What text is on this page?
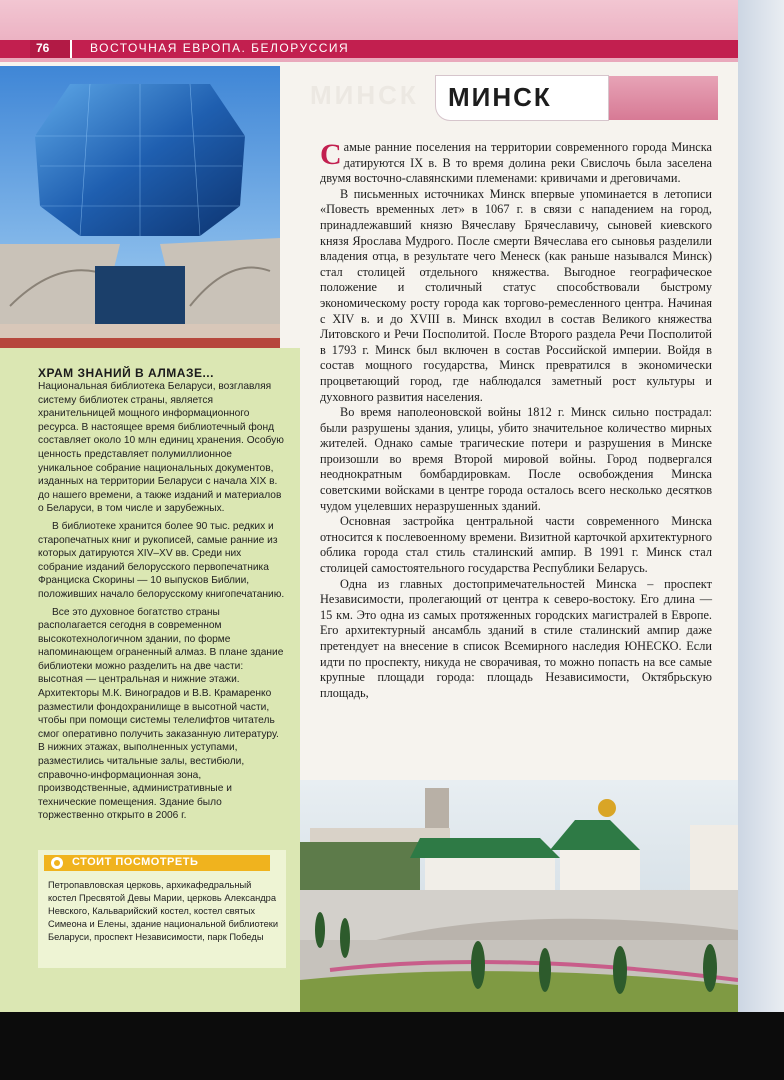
76	ВОСТОЧНАЯ ЕВРОПА. БЕЛОРУССИЯ
ХРАМ ЗНАНИЙ В АЛМАЗЕ...

Национальная библиотека Беларуси, возглавляя систему библиотек страны, является хранительницей мощного информационного ресурса. В настоящее время библиотечный фонд составляет около 10 млн единиц хранения. Особую ценность представляет полумиллионное уникальное собрание национальных документов, изданных на территории Беларуси с начала XIX в. до нашего времени, а также изданий и материалов о Беларуси, в том числе и зарубежных.

В библиотеке хранится более 90 тыс. редких и старопечатных книг и рукописей, самые ранние из которых датируются XIV–XV вв. Среди них собрание изданий белорусского первопечатника Франциска Скорины — 10 выпусков Библии, положивших начало белорусскому книгопечатанию.

Все это духовное богатство страны располагается сегодня в современном высокотехнологичном здании, по форме напоминающем ограненный алмаз. В плане здание библиотеки можно разделить на две части: высотная — центральная и нижние этажи. Архитекторы М.К. Виноградов и В.В. Крамаренко разместили фондохранилище в высотной части, чтобы при помощи системы телелифтов читатель смог оперативно получить заказанную литературу. В нижних этажах, выполненных уступами, разместились читальные залы, вестибюли, справочно-информационная зона, производственные, административные и технические помещения. Здание было торжественно открыто в 2006 г.

СТОИТ ПОСМОТРЕТЬ
Петропавловская церковь, архикафедральный костел Пресвятой Девы Марии, церковь Александра Невского, Кальварийский костел, костел святых Симеона и Елены, здание национальной библиотеки Беларуси, проспект Независимости, парк Победы
МИНСК МИНСК

Самые ранние поселения на территории современного города Минска датируются IX в. В то время долина реки Свислочь была заселена двумя восточно-славянскими племенами: кривичами и дреговичами.

В письменных источниках Минск впервые упоминается в летописи «Повесть временных лет» в 1067 г. в связи с нападением на город, принадлежавший князю Вячеславу Брячеславичу, сыновей киевского князя Ярослава Мудрого. После смерти Вячеслава его сыновья разделили владения отца, в результате чего Менеск (как раньше назывался Минск) стал столицей отдельного княжества. Выгодное географическое положение и столичный статус способствовали быстрому экономическому росту города как торгово-ремесленного центра. Начиная с XIV в. и до XVIII в. Минск входил в состав Великого княжества Литовского и Речи Посполитой. После Второго раздела Речи Посполитой в 1793 г. Минск был включен в состав Российской империи. Войдя в состав мощного государства, Минск превратился в экономически процветающий город, где наблюдался заметный рост культуры и духовного развития населения.

Во время наполеоновской войны 1812 г. Минск сильно пострадал: были разрушены здания, улицы, убито значительное количество мирных жителей. Однако самые трагические потери и разрушения в Минске произошли во время Второй мировой войны. Город подвергался неоднократным бомбардировкам. После освобождения Минска советскими войсками в центре города осталось всего несколько десятков чудом уцелевших неразрушенных зданий.

Основная застройка центральной части современного Минска относится к послевоенному времени. Визитной карточкой архитектурного облика города стал стиль сталинский ампир. В 1991 г. Минск стал столицей самостоятельного государства Республики Беларусь.

Одна из главных достопримечательностей Минска – проспект Независимости, пролегающий от центра к северо-востоку. Его длина — 15 км. Это одна из самых протяженных городских магистралей в Европе. Его архитектурный ансамбль зданий в стиле сталинский ампир даже претендует на внесение в список Всемирного наследия ЮНЕСКО. Если идти по проспекту, никуда не сворачивая, то можно попасть на все самые крупные площади города: площадь Независимости, Октябрьскую площадь,
